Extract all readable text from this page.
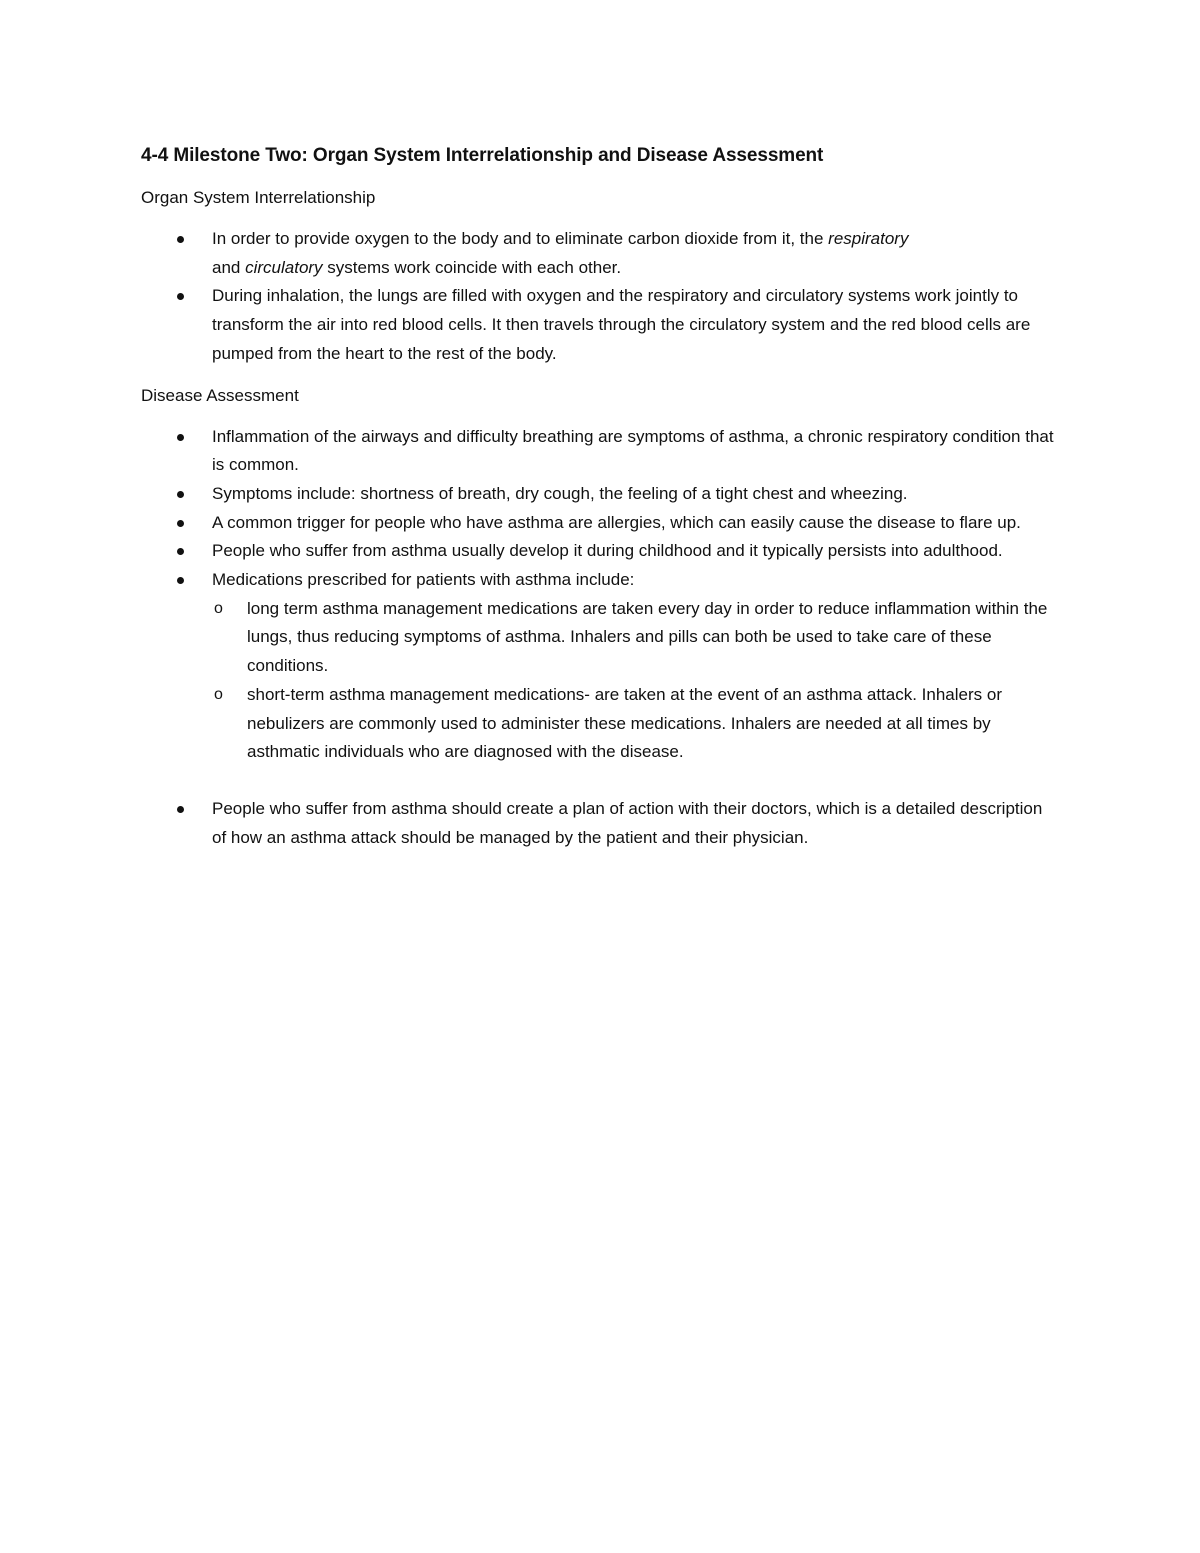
4-4 Milestone Two: Organ System Interrelationship and Disease Assessment
Organ System Interrelationship
In order to provide oxygen to the body and to eliminate carbon dioxide from it, the respiratory
and circulatory systems work coincide with each other.
During inhalation, the lungs are filled with oxygen and the respiratory and circulatory systems work jointly to transform the air into red blood cells. It then travels through the circulatory system and the red blood cells are pumped from the heart to the rest of the body.
Disease Assessment
Inflammation of the airways and difficulty breathing are symptoms of asthma, a chronic respiratory condition that is common.
Symptoms include: shortness of breath, dry cough, the feeling of a tight chest and wheezing.
A common trigger for people who have asthma are allergies, which can easily cause the disease to flare up.
People who suffer from asthma usually develop it during childhood and it typically persists into adulthood.
Medications prescribed for patients with asthma include:
o long term asthma management medications are taken every day in order to reduce inflammation within the lungs, thus reducing symptoms of asthma. Inhalers and pills can both be used to take care of these conditions.
o short-term asthma management medications- are taken at the event of an asthma attack. Inhalers or nebulizers are commonly used to administer these medications. Inhalers are needed at all times by asthmatic individuals who are diagnosed with the disease.
People who suffer from asthma should create a plan of action with their doctors, which is a detailed description of how an asthma attack should be managed by the patient and their physician.
